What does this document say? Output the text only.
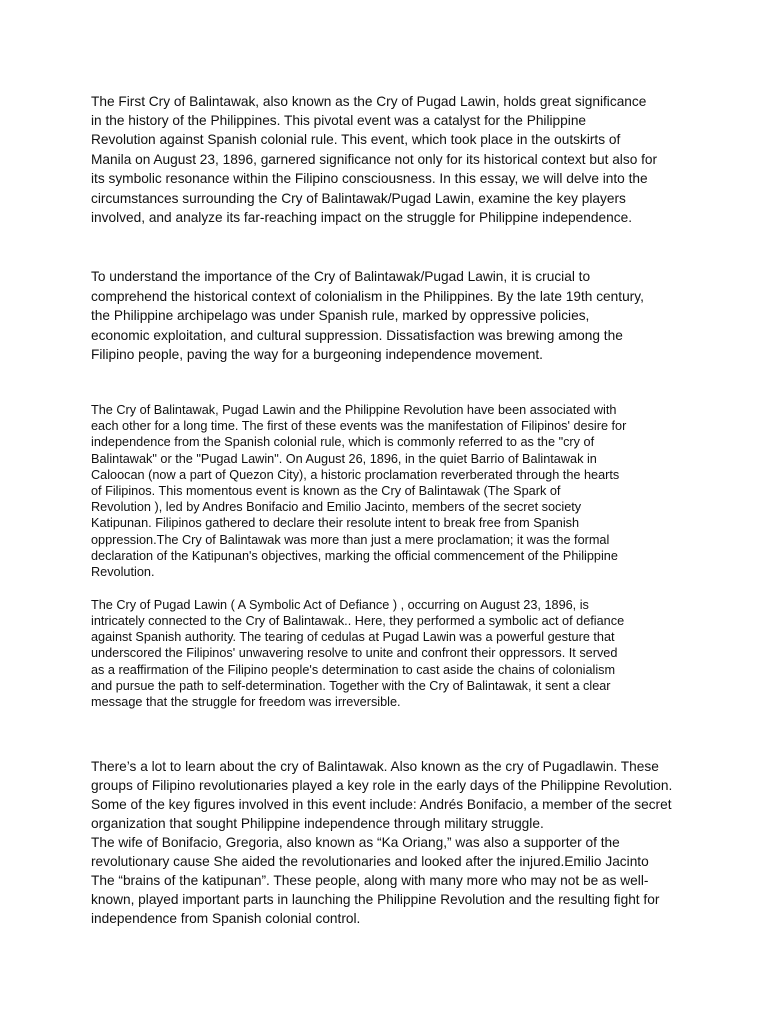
The First Cry of Balintawak, also known as the Cry of Pugad Lawin, holds great significance
in the history of the Philippines. This pivotal event was a catalyst for the Philippine
Revolution against Spanish colonial rule. This event, which took place in the outskirts of
Manila on August 23, 1896, garnered significance not only for its historical context but also for
its symbolic resonance within the Filipino consciousness. In this essay, we will delve into the
circumstances surrounding the Cry of Balintawak/Pugad Lawin, examine the key players
involved, and analyze its far-reaching impact on the struggle for Philippine independence.
To understand the importance of the Cry of Balintawak/Pugad Lawin, it is crucial to
comprehend the historical context of colonialism in the Philippines. By the late 19th century,
the Philippine archipelago was under Spanish rule, marked by oppressive policies,
economic exploitation, and cultural suppression. Dissatisfaction was brewing among the
Filipino people, paving the way for a burgeoning independence movement.
The Cry of Balintawak, Pugad Lawin and the Philippine Revolution have been associated with
each other for a long time. The first of these events was the manifestation of Filipinos' desire for
independence from the Spanish colonial rule, which is commonly referred to as the "cry of
Balintawak" or the "Pugad Lawin". On August 26, 1896, in the quiet Barrio of Balintawak in
Caloocan (now a part of Quezon City), a historic proclamation reverberated through the hearts
of Filipinos. This momentous event is known as the Cry of Balintawak (The Spark of
Revolution ), led by Andres Bonifacio and Emilio Jacinto, members of the secret society
Katipunan. Filipinos gathered to declare their resolute intent to break free from Spanish
oppression.The Cry of Balintawak was more than just a mere proclamation; it was the formal
declaration of the Katipunan's objectives, marking the official commencement of the Philippine
Revolution.
The Cry of Pugad Lawin ( A Symbolic Act of Defiance ) , occurring on August 23, 1896, is
intricately connected to the Cry of Balintawak.. Here, they performed a symbolic act of defiance
against Spanish authority. The tearing of cedulas at Pugad Lawin was a powerful gesture that
underscored the Filipinos' unwavering resolve to unite and confront their oppressors. It served
as a reaffirmation of the Filipino people's determination to cast aside the chains of colonialism
and pursue the path to self-determination. Together with the Cry of Balintawak, it sent a clear
message that the struggle for freedom was irreversible.
There’s a lot to learn about the cry of Balintawak. Also known as the cry of Pugadlawin. These
groups of Filipino revolutionaries played a key role in the early days of the Philippine Revolution.
Some of the key figures involved in this event include: Andrés Bonifacio, a member of the secret
organization that sought Philippine independence through military struggle.
The wife of Bonifacio, Gregoria, also known as “Ka Oriang,” was also a supporter of the
revolutionary cause She aided the revolutionaries and looked after the injured.Emilio Jacinto
The “brains of the katipunan”. These people, along with many more who may not be as well-
known, played important parts in launching the Philippine Revolution and the resulting fight for
independence from Spanish colonial control.
